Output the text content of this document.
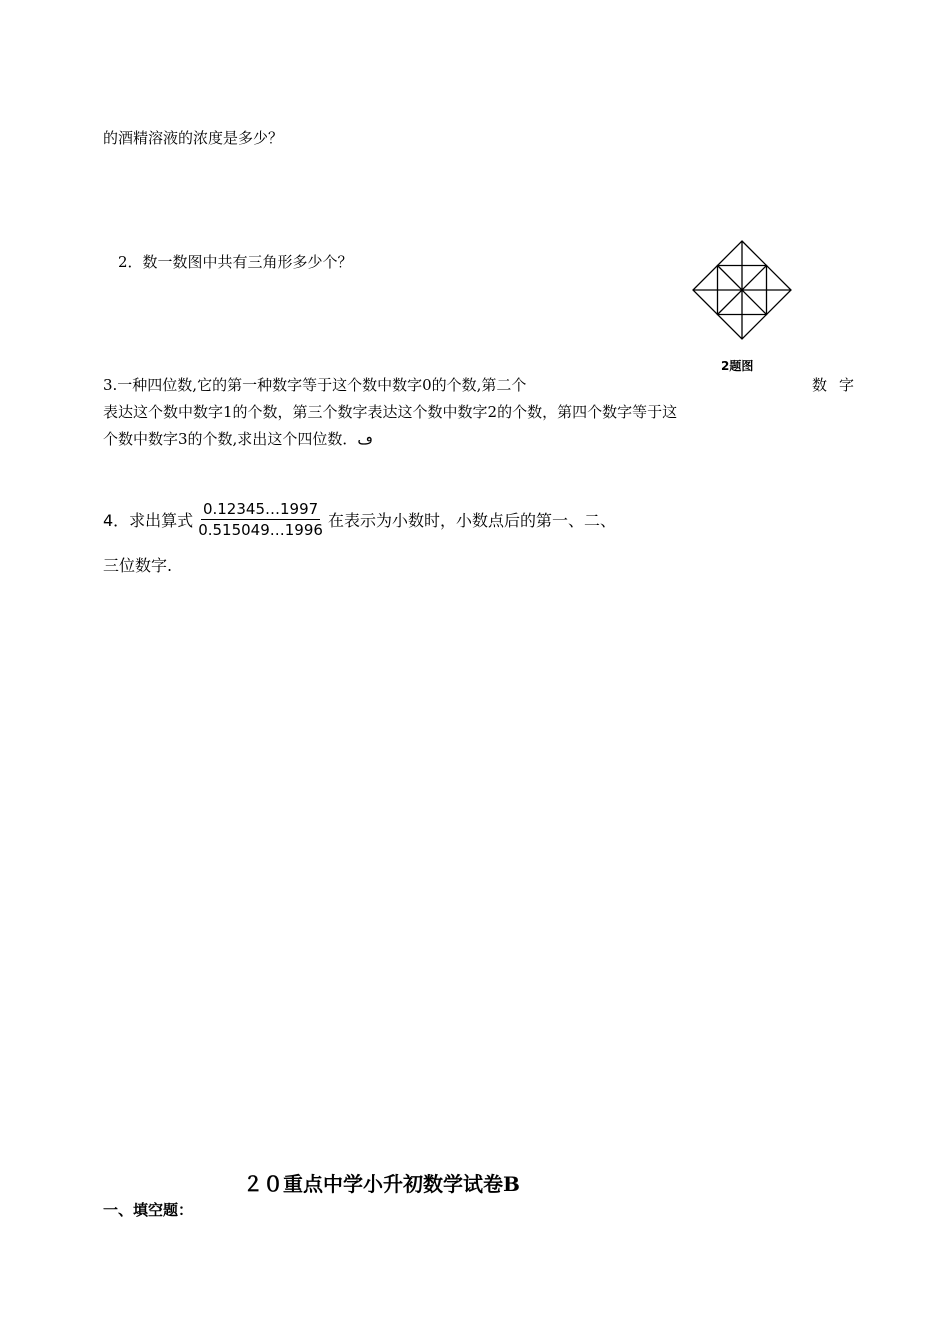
的酒精溶液的浓度是多少？
2．数一数图中共有三角形多少个？
2题图
3.一种四位数,它的第一种数字等于这个数中数字0的个数,第二个	数字
表达这个数中数字1的个数，第三个数字表达这个数中数字2的个数，第四个数字等于这
个数中数字3的个数,求出这个四位数．ڡ
4．求出算式 $\frac{0.12345\dots 1997}{0.515049\dots 1996}$ 在表示为小数时，小数点后的第一、二、
三位数字.
２０重点中学小升初数学试卷B
一、填空题：
